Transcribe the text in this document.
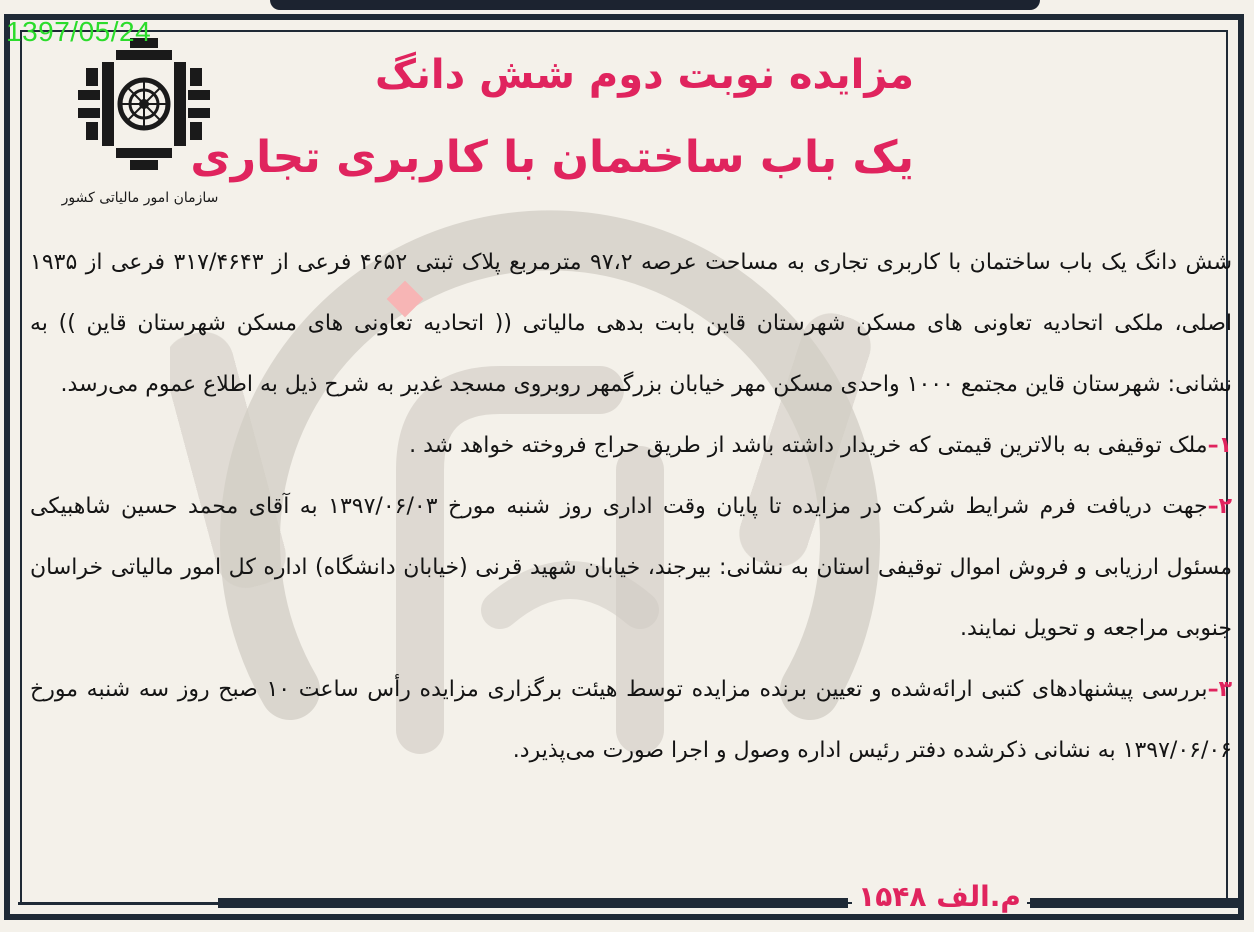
1397/05/24
سازمان امور مالیاتی کشور
مزایده نوبت دوم شش دانگ
یک باب ساختمان با کاربری تجاری

شش دانگ یک باب ساختمان با کاربری تجاری به مساحت عرصه ۹۷،۲ مترمربع پلاک ثبتی ۴۶۵۲ فرعی از ۳۱۷/۴۶۴۳ فرعی از ۱۹۳۵ اصلی، ملکی اتحادیه تعاونی های مسکن شهرستان قاین بابت بدهی مالیاتی (( اتحادیه تعاونی های مسکن شهرستان قاین )) به نشانی: شهرستان قاین مجتمع ۱۰۰۰ واحدی مسکن مهر خیابان بزرگمهر روبروی مسجد غدیر به شرح ذیل به اطلاع عموم می‌رسد.

۱–ملک توقیفی به بالاترین قیمتی که خریدار داشته باشد از طریق حراج فروخته خواهد شد .

۲–جهت دریافت فرم شرایط شرکت در مزایده تا پایان وقت اداری روز شنبه مورخ ۱۳۹۷/۰۶/۰۳ به آقای محمد حسین شاهبیکی مسئول ارزیابی و فروش اموال توقیفی استان به نشانی: بیرجند، خیابان شهید قرنی (خیابان دانشگاه) اداره کل امور مالیاتی خراسان جنوبی مراجعه و تحویل نمایند.

۳–بررسی پیشنهادهای کتبی ارائه‌شده و تعیین برنده مزایده توسط هیئت برگزاری مزایده رأس ساعت ۱۰ صبح روز سه شنبه مورخ ۱۳۹۷/۰۶/۰۶ به نشانی ذکرشده دفتر رئیس اداره وصول و اجرا صورت می‌پذیرد.

م.الف ۱۵۴۸
